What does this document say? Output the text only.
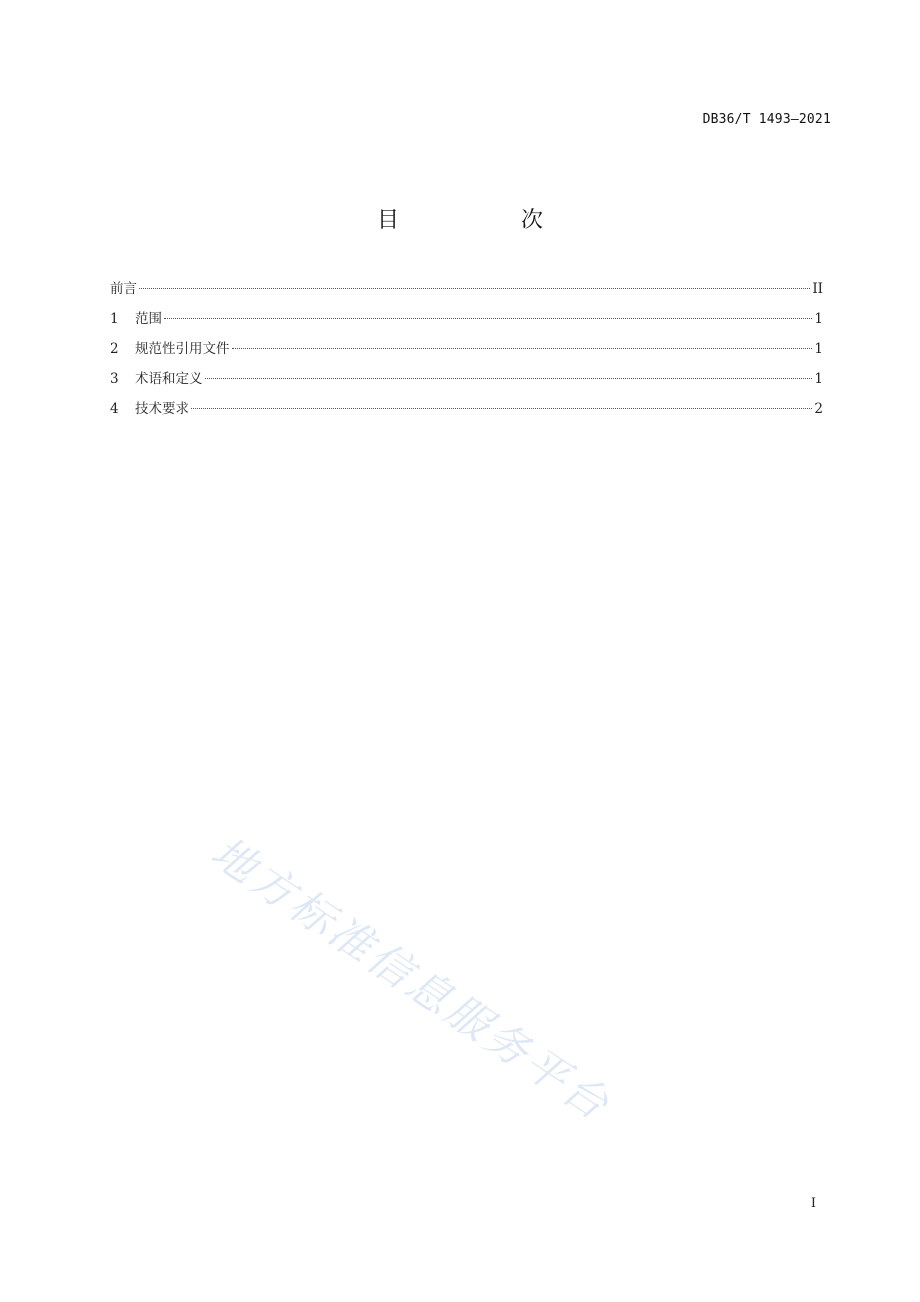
DB36/T 1493—2021
目　次
前言	II
1	范围	1
2	规范性引用文件	1
3	术语和定义	1
4	技术要求	2
地方标准信息服务平台
I
